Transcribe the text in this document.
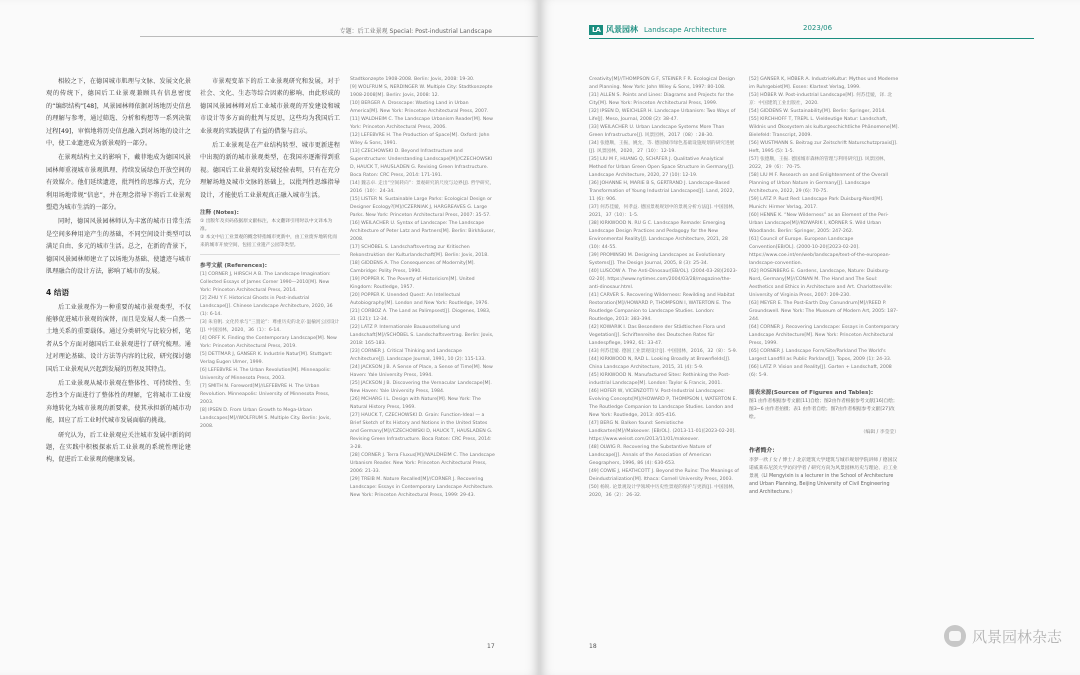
专题：后工业景观 Special: Post-industrial Landscape

相较之下，在德国城市肌理与文脉、发展文化景观的传统下，德国后工业景观兼顾具有信息密度的“编织结构”[48]，风景园林师依据对场地历史信息的理解与参考，通过筛选、分析和构想等一系列决策过程[49]，审慎地将历史信息融入到对场地的设计之中，使工业遗迹成为新景观的一部分。

在景观结构主义的影响下，戴菲地成为德国风景园林师重视城市景观肌理、持续发展绿色开放空间的有效媒介。他们延续遗迹，批判性的思维方式，充分利用场地常规“信息”，并在理念指导下将后工业景观塑造为城市生活的一部分。

同时，德国风景园林师认为丰富的城市日常生活是空间多种用途产生的基础，不同空间设计类型可以满足自由、多元的城市生活。总之，在新的背景下，德国风景园林师建立了以场地为基础、使遗迹与城市肌理融合的设计方法，影响了城市的发展。

4 结语

后工业景观作为一种重要的城市景观类型，不仅能够促进城市景观的演替，而且是发展人类一自然一土地关系的重要载体。通过分类研究与比较分析，笔者从5个方面对德国后工业景观进行了研究梳理。通过对理论基础、设计方法等内容的比较，研究探讨德国后工业景观从兴起到发展的历程及其特点。

后工业景观从城市景观在整体性、可持续性、生态性3个方面进行了整体性的理解，它将城市工业废弃地转化为城市景观的新要素，使其承担新的城市功能，回应了后工业时代城市发展面临的挑战。

研究认为，后工业景观应关注城市发展中新的问题，在实践中积极探索后工业景观的系统性理论建构，促进后工业景观的健康发展。

市景观变革下的后工业景观研究和发展，对于社会、文化、生态等综合因素的影响、由此形成的德国风景园林师对后工业城市景观的开发建设和城市设计等多方面的批判与反思，这些均为我国后工业景观的实践提供了有益的借鉴与启示。

后工业景观是在产业结构转型、城市更新进程中出现的新的城市景观类型，在我国亦逐渐得到重视。德国后工业景观的发展经验表明，只有在充分理解场地及城市文脉的基础上，以批判性思维指导设计，才能使后工业景观真正融入城市生活。

注释 (Notes):

① 出版年及页码依据原文献标注，本文翻译引用时以中文译本为准。

② 本文中后工业景观的概念特指城市更新中，由工业废弃地转化而来的城市开放空间，包括工业遗产公园等类型。

参考文献 (References):

[1] CORNER J, HIRSCH A B. The Landscape Imagination: Collected Essays of James Corner 1990—2010[M]. New York: Princeton Architectural Press, 2014.

[2] ZHU Y F. Historical Ghosts in Post-industrial Landscape[J]. Chinese Landscape Architecture, 2020, 36 (1): 6-14.

[3] 朱育帆. 文化传承与“三置论”：尊重历史的北京·温榆河公园设计[J]. 中国园林，2020，36（1）：6-14.

[4] ORFF K. Finding the Contemporary Landscape[M]. New York: Princeton Architectural Press, 2019.

[5] DETTMAR J, GANSER K. Industrie Natur[M]. Stuttgart: Verlag Eugen Ulmer, 1999.

[6] LEFEBVRE H. The Urban Revolution[M]. Minneapolis: University of Minnesota Press, 2003.

[7] SMITH N. Foreword[M]//LEFEBVRE H. The Urban Revolution. Minneapolis: University of Minnesota Press, 2003.

[8] IPSEN D. From Urban Growth to Mega-Urban Landscapes[M]//WOLFRUM S. Multiple City. Berlin: Jovis, 2008.

Stadtkonzepte 1908-2008. Berlin: Jovis, 2008: 19-30.

[9] WOLFRUM S, NERDINGER W. Multiple City: Stadtkonzepte 1908-2008[M]. Berlin: Jovis, 2008: 12.

[10] BERGER A. Drosscape: Wasting Land in Urban America[M]. New York: Princeton Architectural Press, 2007.

[11] WALDHEIM C. The Landscape Urbanism Reader[M]. New York: Princeton Architectural Press, 2006.

[12] LEFEBVRE H. The Production of Space[M]. Oxford: John Wiley & Sons, 1991.

[13] CZECHOWSKI D. Beyond Infrastructure and Superstructure: Understanding Landscape[M]//CZECHOWSKI D, HAUCK T, HAUSLADEN G. Revising Green Infrastructure. Boca Raton: CRC Press, 2014: 171-191.

[14] 魏志卓. 走出“空间转向”：景观研究的尺度与边界[J]. 哲学研究，2016（10）：24-34.

[15] LISTER N. Sustainable Large Parks: Ecological Design or Designer Ecology?[M]//CZERNIAK J, HARGREAVES G. Large Parks. New York: Princeton Architectural Press, 2007: 35-57.

[16] WEILACHER U. Syntax of Landscape: The Landscape Architecture of Peter Latz and Partners[M]. Berlin: Birkhäuser, 2008.

[17] SCHÖBEL S. Landschaftsvertrag zur Kritischen Rekonstruktion der Kulturlandschaft[M]. Berlin: Jovis, 2018.

[18] GIDDENS A. The Consequences of Modernity[M]. Cambridge: Polity Press, 1990.

[19] POPPER K. The Poverty of Historicism[M]. United Kingdom: Routledge, 1957.

[20] POPPER K. Unended Quest: An Intellectual Autobiography[M]. London and New York: Routledge, 1976.

[21] CORBOZ A. The Land as Palimpsest[J]. Diogenes, 1983, 31 (121): 12-34.

[22] LATZ P. Internationale Bauausstellung und Landschaft[M]//SCHÖBEL S. Landschaftsvertrag. Berlin: Jovis, 2018: 165-183.

[23] CORNER J. Critical Thinking and Landscape Architecture[J]. Landscape Journal, 1991, 10 (2): 115-133.

[24] JACKSON J B. A Sense of Place, a Sense of Time[M]. New Haven: Yale University Press, 1994.

[25] JACKSON J B. Discovering the Vernacular Landscape[M]. New Haven: Yale University Press, 1984.

[26] MCHARG I L. Design with Nature[M]. New York: The Natural History Press, 1969.

[27] HAUCK T, CZECHOWSKI D. Grain: Function-Ideal — a Brief Sketch of Its History and Notions in the United States and Germany[M]//CZECHOWSKI D, HAUCK T, HAUSLADEN G. Revising Green Infrastructure. Boca Raton: CRC Press, 2014: 3-28.

[28] CORNER J. Terra Fluxus[M]//WALDHEIM C. The Landscape Urbanism Reader. New York: Princeton Architectural Press, 2006: 21-33.

[29] TREIB M. Nature Recalled[M]//CORNER J. Recovering Landscape: Essays in Contemporary Landscape Architecture. New York: Princeton Architectural Press, 1999: 29-43.

17
LA 风景园林 Landscape Architecture	2023/06

Creativity[M]//THOMPSON G F, STEINER F R. Ecological Design and Planning. New York: John Wiley & Sons, 1997: 80-108.

[31] ALLEN S. Points and Lines: Diagrams and Projects for the City[M]. New York: Princeton Architectural Press, 1999.

[32] IPSEN D, WEICHLER H. Landscape Urbanism: Two Ways of Life[J]. Meso, Journal, 2008 (2): 38-47.

[33] WEILACHER U. Urban Landscape Systems More Than Green Infrastructure[J]. 风景园林，2017（08）: 28-30.

[34] 张德顺，王振，姚允，等. 德国城市绿色基础设施规划的研究进展[J]. 风景园林，2020，27（10）：12-19.

[35] LIU M F, HUANG Q, SCHÄFER J. Qualitative Analytical Method for Urban Green Open Space Structure in Germany[J]. Landscape Architecture, 2020, 27 (10): 12-19.

[36] JOHANNE H, MARIE B S, GERTRAND J. Landscape-Based Transformation of Young Industrial Landscapes[J]. Land, 2022, 11 (6): 906.

[37] 何苏佳媛，何孝益. 德国景观规划中的景观分析方法[J]. 中国园林，2021，37（10）：1-5.

[38] KIRKWOOD N. RU G C. Landscape Remade: Emerging Landscape Design Practices and Pedagogy for the New Environmental Reality[J]. Landscape Architecture, 2021, 28 (10): 44-55.

[39] PROMINSKI M. Designing Landscapes as Evolutionary Systems[J]. The Design Journal, 2005, 8 (3): 25-34.

[40] LUSCOW A. The Anti-Dinosaur[EB/OL]. (2004-03-28)[2023-02-20]. https://www.nytimes.com/2004/03/28/magazine/the-anti-dinosaur.html.

[41] CARVER S. Recovering Wilderness: Rewilding and Habitat Restoration[M]//HOWARD P, THOMPSON I, WATERTON E. The Routledge Companion to Landscape Studies. London: Routledge, 2013: 383-394.

[42] KOWARIK I. Das Besondere der Städtischen Flora und Vegetation[J]. Schriftenreihe des Deutschen Rates für Landespflege, 1992, 61: 33-47.

[43] 何苏佳媛. 德国工业景观设计[J]. 中国园林，2016，32（8）：5-9.

[44] KIRKWOOD N, RAD L. Looking Broadly at Brownfields[J]. China Landscape Architecture, 2015, 31 (4): 5-9.

[45] KIRKWOOD N. Manufactured Sites: Rethinking the Post-industrial Landscape[M]. London: Taylor & Francis, 2001.

[46] HOFER W, VICENZOTTI V. Post-Industrial Landscapes: Evolving Concepts[M]//HOWARD P, THOMPSON I, WATERTON E. The Routledge Companion to Landscape Studies. London and New York: Routledge, 2013: 405-416.

[47] BERG N. Balken found: Semiotische Landkarten[M]//Makeover. [EB/OL]. (2013-11-01)[2023-02-20]. https://www.weisst.com/2013/11/01/makeover.

[48] OLWIG R. Recovering the Substantive Nature of Landscape[J]. Annals of the Association of American Geographers, 1996, 86 (4): 630-653.

[49] COWIE J, HEATHCOTT J. Beyond the Ruins: The Meanings of Deindustrialization[M]. Ithaca: Cornell University Press, 2003.

[50] 杨锐. 论景观设计学领域中历史性景观的保护与更新[J]. 中国园林，2020，36（2）：26-32.

[52] GANSER K, HÖBER A. IndustrieKultur: Mythos und Moderne im Ruhrgebiet[M]. Essen: Klartext Verlag, 1999.

[53] HÖBER W. Post-industrial Landscape[M]. 何苏佳媛，译. 北京：中国建筑工业出版社，2020.

[54] GIDDENS W. Sustainability[M]. Berlin: Springer, 2014.

[55] KIRCHHOFF T, TREPL L. Vieldeutige Natur: Landschaft, Wildnis und Ökosystem als kulturgeschichtliche Phänomene[M]. Bielefeld: Transcript, 2009.

[56] WUSTMANN S. Beitrag zur Zeitschrift Naturschutzpraxis[J]. Heft, 1995 (5): 1-5.

[57] 张德顺，王振. 德国城市森林的管理与利用研究[J]. 风景园林，2022，29（6）：70-75.

[58] LIU M F. Research on and Enlightenment of the Overall Planning of Urban Nature in Germany[J]. Landscape Architecture, 2022, 29 (6): 70-75.

[59] LATZ P. Rust Red: Landscape Park Duisburg-Nord[M]. Munich: Hirmer Verlag, 2017.

[60] HENNE K. “New Wilderness” as an Element of the Peri-Urban Landscape[M]//KOWARIK I, KÖRNER S. Wild Urban Woodlands. Berlin: Springer, 2005: 247-262.

[61] Council of Europe. European Landscape Convention[EB/OL]. (2000-10-20)[2023-02-20]. https://www.coe.int/en/web/landscape/text-of-the-european-landscape-convention.

[62] ROSENBERG E. Gardens, Landscape, Nature: Duisburg-Nord, Germany[M]//CONAN M. The Hand and The Soul: Aesthetics and Ethics in Architecture and Art. Charlottesville: University of Virginia Press, 2007: 209-230.

[63] MEYER E. The Post-Earth Day Conundrum[M]//REED P. Groundswell. New York: The Museum of Modern Art, 2005: 187-244.

[64] CORNER J. Recovering Landscape: Essays in Contemporary Landscape Architecture[M]. New York: Princeton Architectural Press, 1999.

[65] CORNER J. Landscape Form/Site/Parkland The World's Largest Landfill as Public Parkland[J]. Topos, 2009 (1): 24-33.

[66] LATZ P. Vision and Reality[J]. Garten + Landschaft, 2008 (6): 5-9.

图表来源(Sources of Figures and Tables):

图1 由作者根据参考文献[11]自绘；图2由作者根据参考文献[16]自绘；图3~6 由作者拍摄；表1 由作者自绘；图7由作者根据参考文献[27]改绘。

（编辑 / 李莹莹）
作者简介：

李梦一欣 / 女 / 博士 / 北京建筑大学建筑与城市规划学院讲师 / 德国汉诺威莱布尼茨大学访问学者 / 研究方向为风景园林历史与理论、后工业景观（LI Mengyixin is a lecturer in the School of Architecture and Urban Planning, Beijing University of Civil Engineering and Architecture.）

18
风景园林杂志
